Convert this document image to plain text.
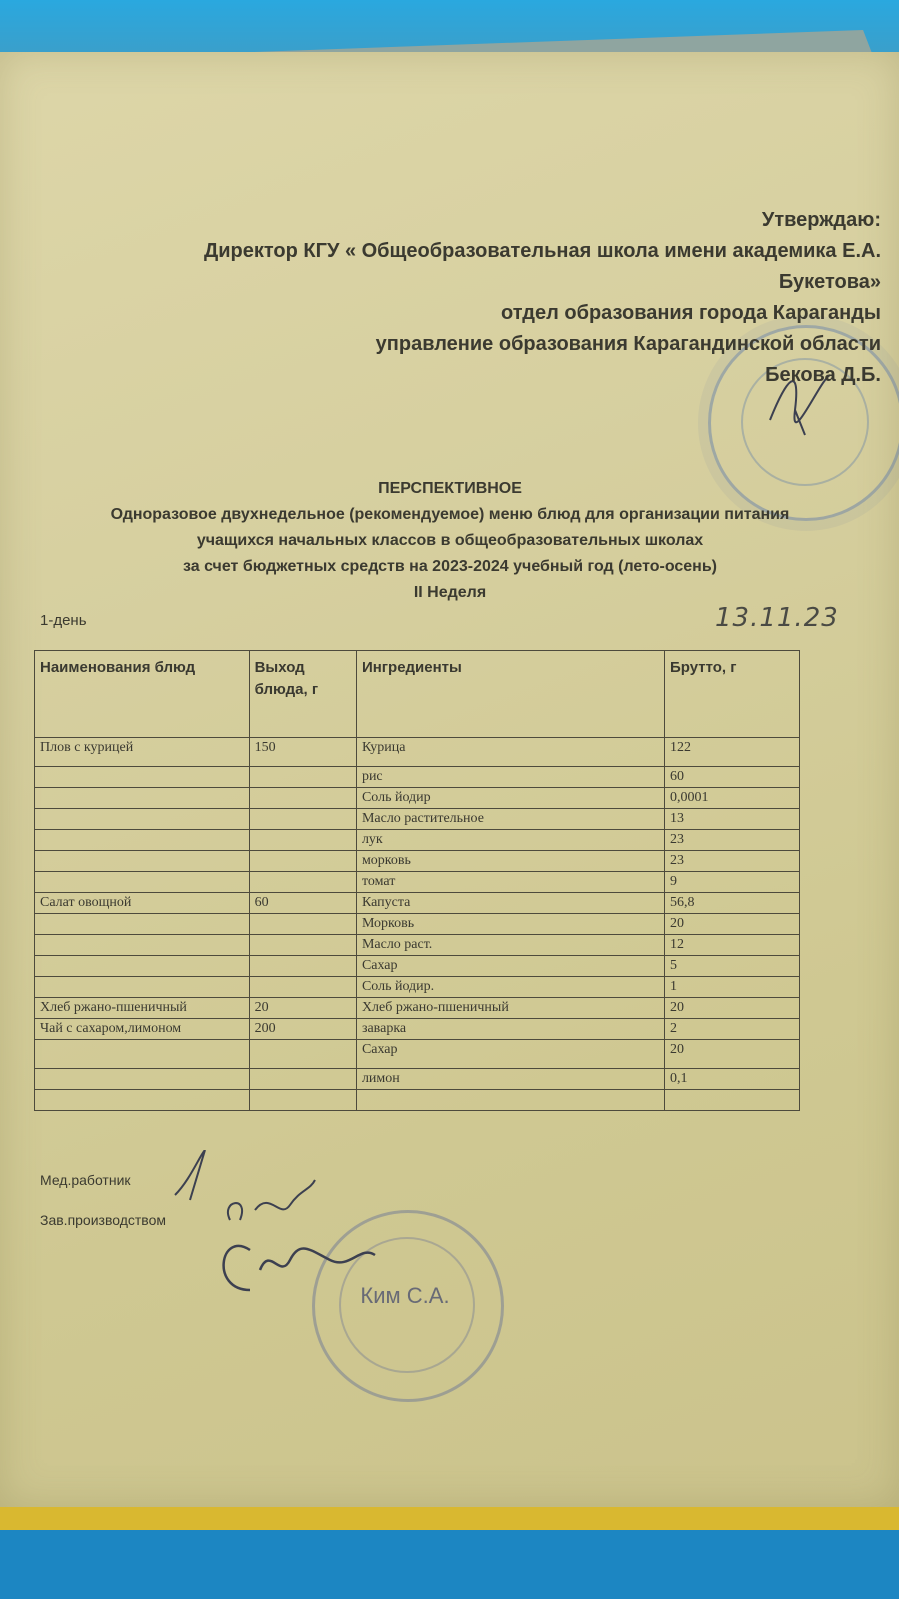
Утверждаю:
Директор КГУ « Общеобразовательная школа имени академика Е.А.
Букетова»
отдел образования города Караганды
управление образования Карагандинской области
Бекова Д.Б.
ПЕРСПЕКТИВНОЕ
Одноразовое двухнедельное (рекомендуемое) меню блюд для организации питания
учащихся начальных классов в общеобразовательных школах
за счет бюджетных средств на 2023-2024 учебный год (лето-осень)
II Неделя
1-день	13.11.23
Наименования блюд	Выход блюда, г	Ингредиенты	Брутто, г
Плов с курицей	150	Курица	122
		рис	60
		Соль йодир	0,0001
		Масло растительное	13
		лук	23
		морковь	23
		томат	9
Салат овощной	60	Капуста	56,8
		Морковь	20
		Масло раст.	12
		Сахар	5
		Соль йодир.	1
Хлеб ржано-пшеничный	20	Хлеб ржано-пшеничный	20
Чай с сахаром,лимоном	200	заварка	2
		Сахар	20
		лимон	0,1

Мед.работник
Зав.производством
Ким С.А.
